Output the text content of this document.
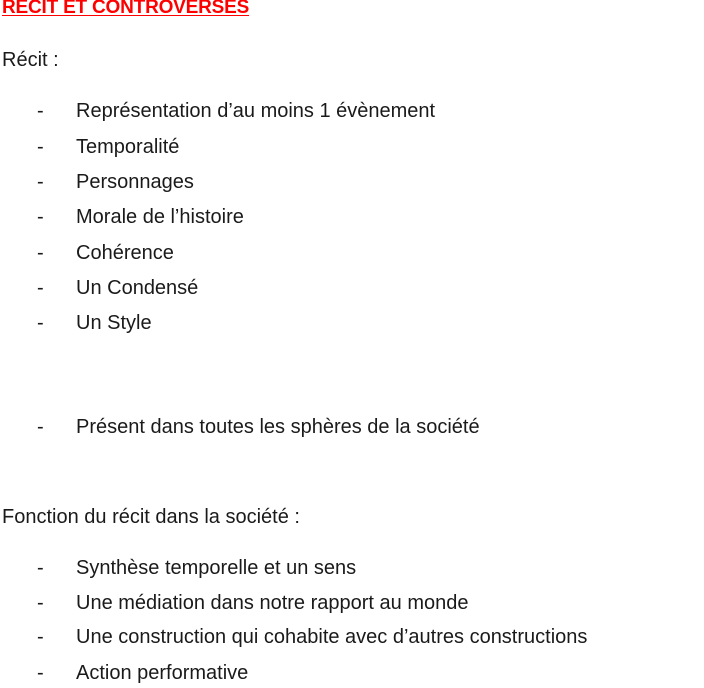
RECIT ET CONTROVERSES
Récit :
- Représentation d’au moins 1 évènement
- Temporalité
- Personnages
- Morale de l’histoire
- Cohérence
- Un Condensé
- Un Style
- Présent dans toutes les sphères de la société
Fonction du récit dans la société :
- Synthèse temporelle et un sens
- Une médiation dans notre rapport au monde
- Une construction qui cohabite avec d’autres constructions
- Action performative
